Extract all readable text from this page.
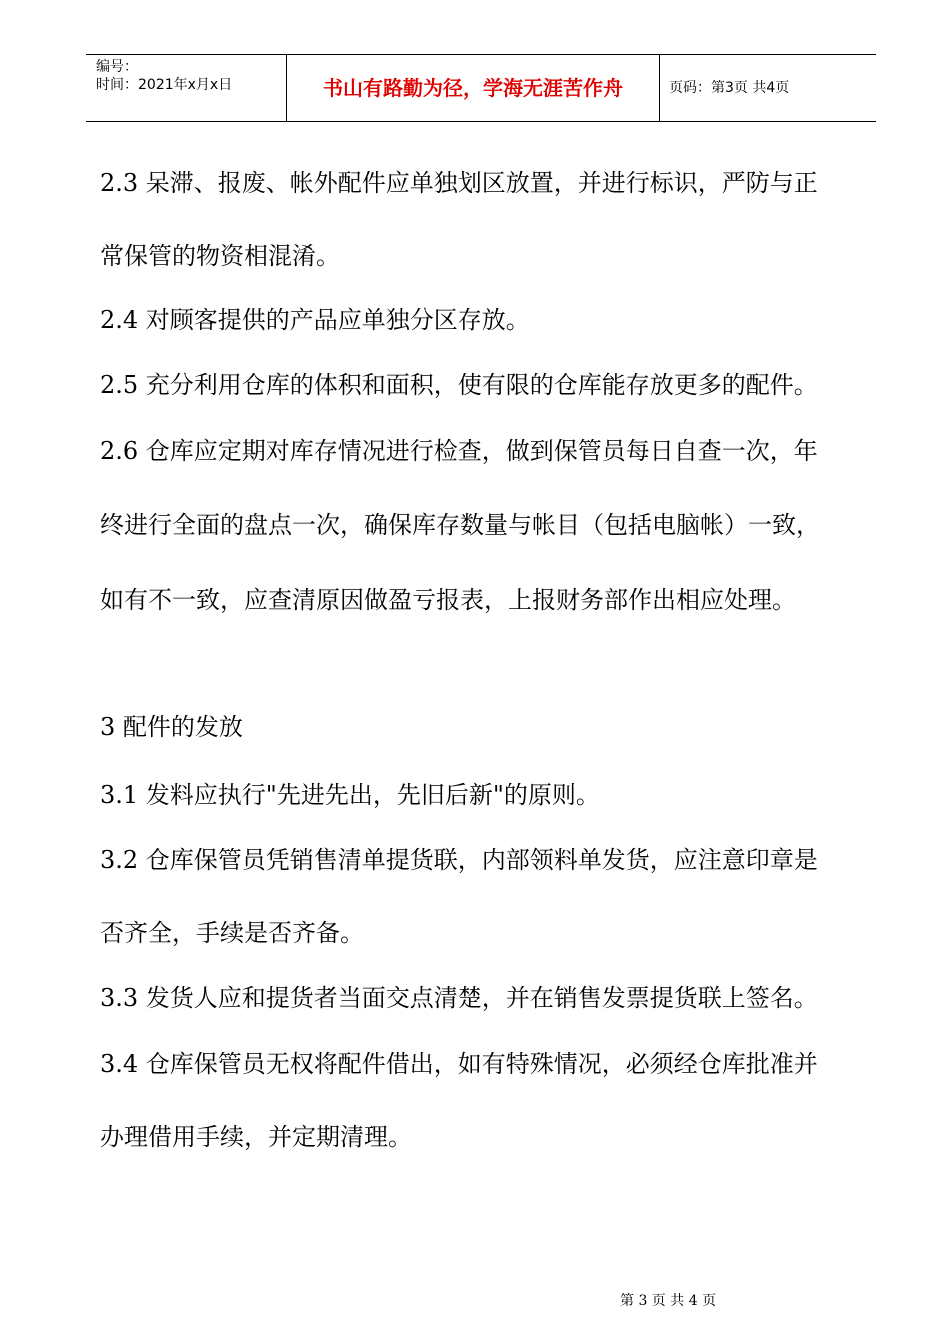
编号：
时间：2021年x月x日	书山有路勤为径，学海无涯苦作舟	页码：第3页 共4页
2.3 呆滞、报废、帐外配件应单独划区放置，并进行标识，严防与正
常保管的物资相混淆。
2.4 对顾客提供的产品应单独分区存放。
2.5 充分利用仓库的体积和面积，使有限的仓库能存放更多的配件。
2.6 仓库应定期对库存情况进行检查，做到保管员每日自查一次，年
终进行全面的盘点一次，确保库存数量与帐目（包括电脑帐）一致，
如有不一致，应查清原因做盈亏报表，上报财务部作出相应处理。
3 配件的发放
3.1 发料应执行"先进先出，先旧后新"的原则。
3.2 仓库保管员凭销售清单提货联，内部领料单发货，应注意印章是
否齐全，手续是否齐备。
3.3 发货人应和提货者当面交点清楚，并在销售发票提货联上签名。
3.4 仓库保管员无权将配件借出，如有特殊情况，必须经仓库批准并
办理借用手续，并定期清理。
第 3 页 共 4 页
